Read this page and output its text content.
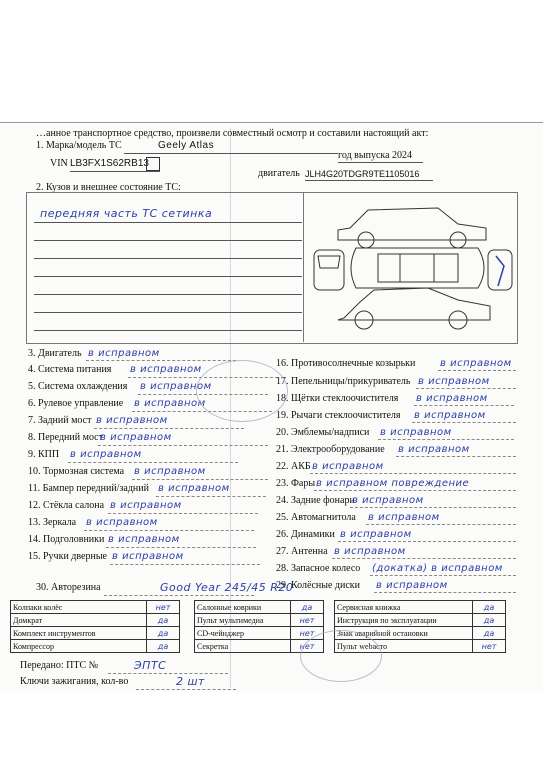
…анное транспортное средство, произвели совместный осмотр и составили настоящий акт:
1. Марка/модель ТС	Geely Atlas
год выпуска 2024
VIN LB3FX1S62RB13
двигатель JLH4G20TDGR9TE1105016
2. Кузов и внешнее состояние ТС:
передняя часть ТС сетинка
3. Двигатель в исправном
4. Система питания в исправном
5. Система охлаждения в исправном
6. Рулевое управление в исправном
7. Задний мост в исправном
8. Передний мост
в исправном
9. КПП в исправном
10. Тормозная система в исправном
11. Бампер передний/задний в исправном
12. Стёкла салона в исправном
13. Зеркала в исправном
14. Подголовники в исправном
15. Ручки дверные в исправном
16. Противосолнечные козырьки в исправном
17. Пепельницы/прикуриватель в исправном
18. Щётки стеклоочистителя в исправном
19. Рычаги стеклоочистителя в исправном
20. Эмблемы/надписи в исправном
21. Электрооборудование в исправном
22. АКБ в исправном
23. Фары в исправном повреждение
24. Задние фонари
в исправном
25. Автомагнитола в исправном
26. Динамики в исправном
27. Антенна в исправном
28. Запасное колесо (докатка) в исправном
29. Колёсные диски в исправном
30. Авторезина	Good Year 245/45 R20
Колпаки колёс	нет
Домкрат	да
Комплект инструментов	да
Компрессор	да
Салонные коврики	да
Пульт мультимедиа	нет
CD-чейнджер	нет
Секретка	нет
Сервисная книжка	да
Инструкция по эксплуатации	да
Знак аварийной остановки	да
Пульт webасто	нет
Передано: ПТС №	ЭПТС
Ключи зажигания, кол-во	2 шт
